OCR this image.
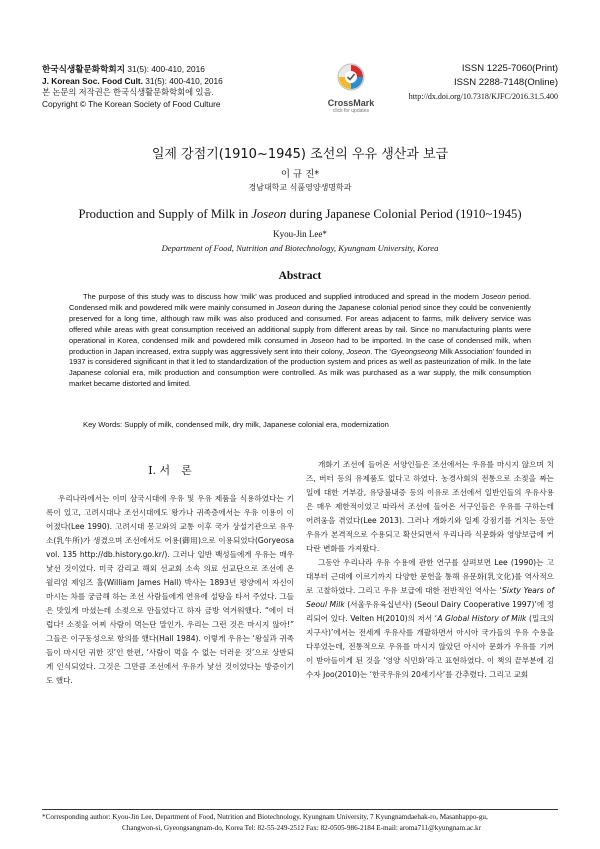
한국식생활문화학회지 31(5): 400-410, 2016
J. Korean Soc. Food Cult. 31(5): 400-410, 2016
본 논문의 저작권은 한국식생활문화학회에 있음.
Copyright © The Korean Society of Food Culture	CrossMark
click for updates
ISSN 1225-7060(Print)
ISSN 2288-7148(Online)
http://dx.doi.org/10.7318/KJFC/2016.31.5.400
일제 강점기(1910~1945) 조선의 우유 생산과 보급
이 규 진*
경남대학교 식품영양생명학과
Production and Supply of Milk in Joseon during Japanese Colonial Period (1910~1945)
Kyou-Jin Lee*
Department of Food, Nutrition and Biotechnology, Kyungnam University, Korea
Abstract

The purpose of this study was to discuss how ‘milk’ was produced and supplied introduced and spread in the modern Joseon period. Condensed milk and powdered milk were mainly consumed in Joseon during the Japanese colonial period since they could be conveniently preserved for a long time, although raw milk was also produced and consumed. For areas adjacent to farms, milk delivery service was offered while areas with great consumption received an additional supply from different areas by rail. Since no manufacturing plants were operational in Korea, condensed milk and powdered milk consumed in Joseon had to be imported. In the case of condensed milk, when production in Japan increased, extra supply was aggressively sent into their colony, Joseon. The ‘Gyeongseong Milk Association’ founded in 1937 is considered significant in that it led to standardization of the production system and prices as well as pasteurization of milk. In the late Japanese colonial era, milk production and consumption were controlled. As milk was purchased as a war supply, the milk consumption market became distorted and limited.

Key Words: Supply of milk, condensed milk, dry milk, Japanese colonial era, modernization
Ⅰ. 서　론

우리나라에서는 이미 삼국시대에 우유 및 우유 제품을 식용하였다는 기록이 있고, 고려시대나 조선시대에도 왕가나 귀족층에서는 우유 이용이 이어졌다(Lee 1990). 고려시대 몽고와의 교통 이후 국가 상설기관으로 유우소(乳牛所)가 생겼으며 조선에서도 어용(御用)으로 이용되었다(Goryeosa vol. 135 http://db.history.go.kr/). 그러나 일반 백성들에게 우유는 매우 낯선 것이었다. 미국 감리교 해외 선교회 소속 의료 선교단으로 조선에 온 윌리엄 제임즈 홀(William James Hall) 박사는 1893년 평양에서 자신이 마시는 차를 궁금해 하는 조선 사람들에게 연유에 설탕을 타서 주었다. 그들은 맛있게 마셨는데 소젖으로 만들었다고 하자 금방 역겨워했다. “에이 더럽다! 소젖을 어찌 사람이 먹는단 말인가. 우리는 그런 것은 마시지 않아!” 그들은 이구동성으로 항의를 했다(Hall 1984). 이렇게 우유는 ‘왕실과 귀족들이 마시던 귀한 것’인 한편, ‘사람이 먹을 수 없는 더러운 것’으로 상반되게 인식되었다. 그것은 그만큼 조선에서 우유가 낯선 것이었다는 방증이기도 했다.

개화기 조선에 들어온 서양인들은 조선에서는 우유를 마시지 않으며 치즈, 버터 등의 유제품도 없다고 하였다. 농경사회의 전통으로 소젖을 짜는 일에 대한 거부감, 유당불내증 등의 이유로 조선에서 일반인들의 우유사용은 매우 제한적이었고 따라서 조선에 들어온 서구인들은 우유를 구하는데 어려움을 겪었다(Lee 2013). 그러나 개화기와 일제 강점기를 거치는 동안 우유가 본격적으로 수용되고 확산되면서 우리나라 식문화와 영양보급에 커다란 변화를 가져왔다.

그동안 우리나라 우유 수용에 관한 연구를 살펴보면 Lee (1990)는 고대부터 근대에 이르기까지 다양한 문헌을 통해 유문화(乳文化)를 역사적으로 고찰하였다. 그리고 우유 보급에 대한 전반적인 역사는 ‘Sixty Years of Seoul Milk (서울우유육십년사) (Seoul Dairy Cooperative 1997)’에 정리되어 있다. Velten H(2010)의 저서 ‘A Global History of Milk (밀크의 지구사)’에서는 전세계 우유사를 개괄하면서 아시아 국가들의 우유 수용을 다루었는데, 전통적으로 우유를 마시지 않았던 아시아 문화가 우유를 기꺼이 받아들이게 된 것을 ‘영양 식민화’라고 표현하였다. 이 책의 끝부분에 김수자 Joo(2010)는 ‘한국우유의 20세기사’를 간추렸다. 그리고 교회

*Corresponding author: Kyou-Jin Lee, Department of Food, Nutrition and Biotechnology, Kyungnam University, 7 Kyungnamdaehak-ro, Masanhappo-gu,
Changwon-si, Gyeongsangnam-do, Korea Tel: 82-55-249-2512 Fax: 82-0505-986-2184 E-mail: aroma711@kyungnam.ac.kr
